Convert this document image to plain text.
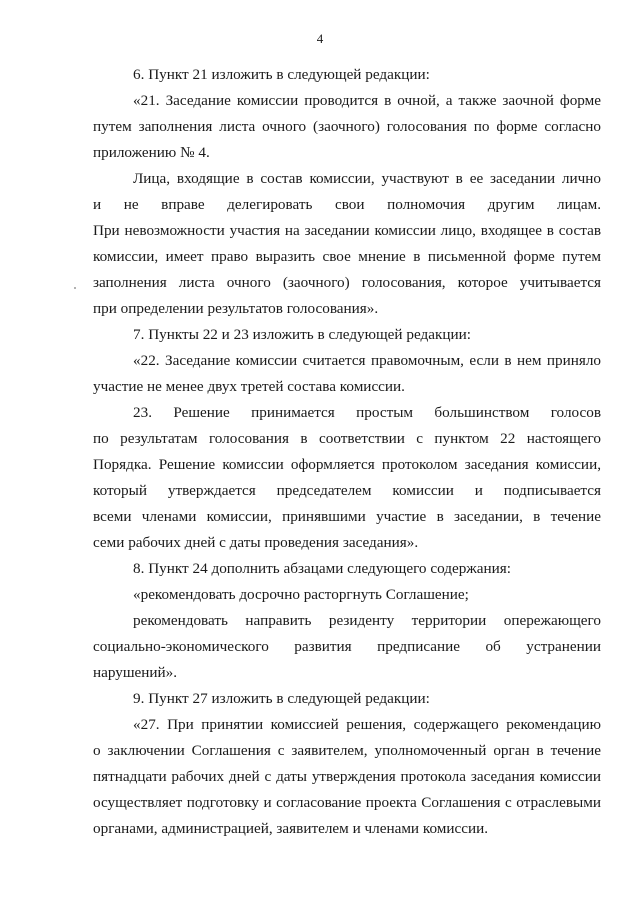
4
6. Пункт 21 изложить в следующей редакции:
«21. Заседание комиссии проводится в очной, а также заочной форме
путем заполнения листа очного (заочного) голосования по форме согласно
приложению № 4.
Лица, входящие в состав комиссии, участвуют в ее заседании лично
и не вправе делегировать свои полномочия другим лицам.
При невозможности участия на заседании комиссии лицо, входящее в состав
комиссии, имеет право выразить свое мнение в письменной форме путем
заполнения листа очного (заочного) голосования, которое учитывается
при определении результатов голосования».
7. Пункты 22 и 23 изложить в следующей редакции:
«22. Заседание комиссии считается правомочным, если в нем приняло
участие не менее двух третей состава комиссии.
23. Решение принимается простым большинством голосов
по результатам голосования в соответствии с пунктом 22 настоящего
Порядка. Решение комиссии оформляется протоколом заседания комиссии,
который утверждается председателем комиссии и подписывается
всеми членами комиссии, принявшими участие в заседании, в течение
семи рабочих дней с даты проведения заседания».
8. Пункт 24 дополнить абзацами следующего содержания:
«рекомендовать досрочно расторгнуть Соглашение;
рекомендовать направить резиденту территории опережающего
социально-экономического развития предписание об устранении
нарушений».
9. Пункт 27 изложить в следующей редакции:
«27. При принятии комиссией решения, содержащего рекомендацию
о заключении Соглашения с заявителем, уполномоченный орган в течение
пятнадцати рабочих дней с даты утверждения протокола заседания комиссии
осуществляет подготовку и согласование проекта Соглашения с отраслевыми
органами, администрацией, заявителем и членами комиссии.
